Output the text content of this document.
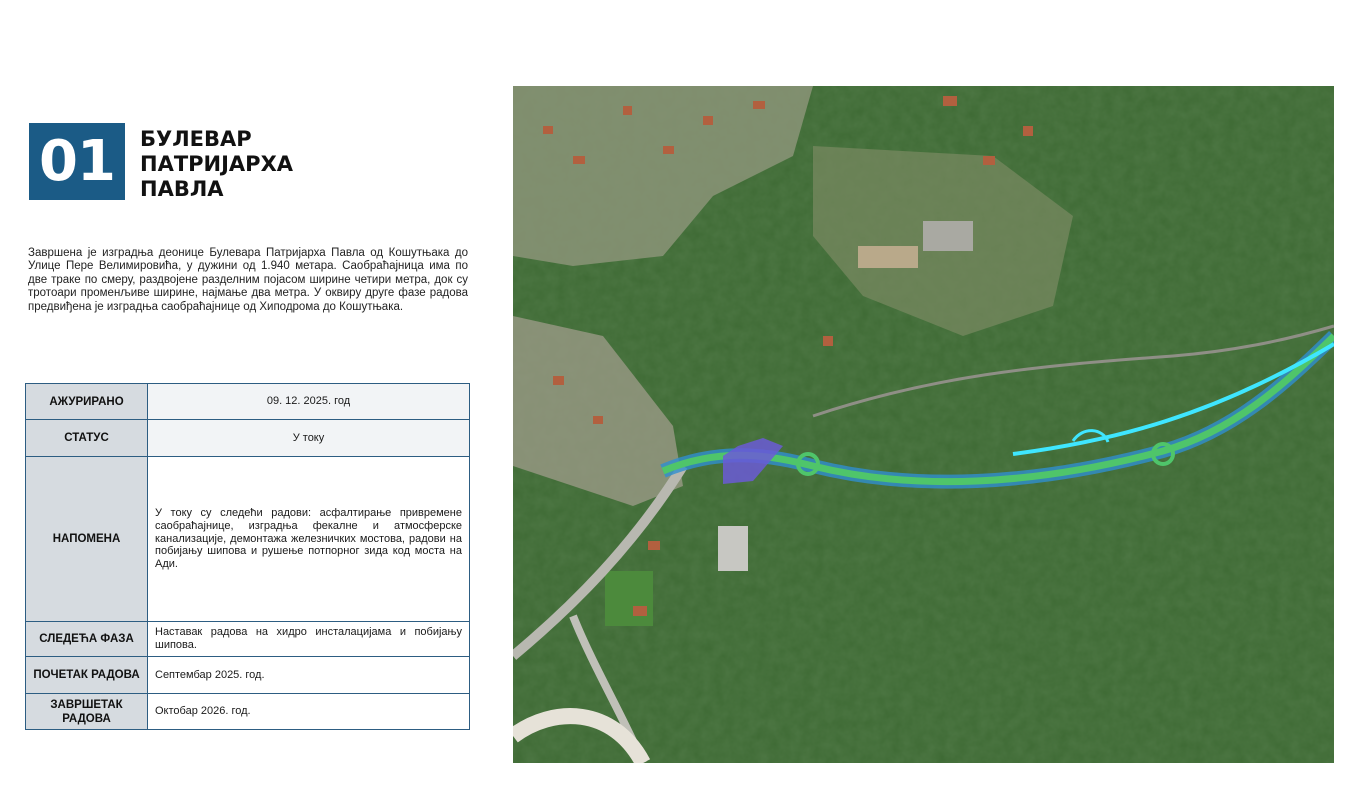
01 БУЛЕВАР
ПАТРИЈАРХА
ПАВЛА

Завршена је изградња деонице Булевара Патријарха Павла од Кошутњака до Улице Пере Велимировића, у дужини од 1.940 метара. Саобраћајница има по две траке по смеру, раздвојене разделним појасом ширине четири метра, док су тротоари променљиве ширине, најмање два метра. У оквиру друге фазе радова предвиђена је изградња саобраћајнице од Хиподрома до Кошутњака.

АЖУРИРАНО	09. 12. 2025. год
СТАТУС	У току
НАПОМЕНА	У току су следећи радови: асфалтирање привремене саобраћајнице, изградња фекалне и атмосферске канализације, демонтажа железничких мостова, радови на побијању шипова и рушење потпорног зида код моста на Ади.
СЛЕДЕЋА ФАЗА	Наставак радова на хидро инсталацијама и побијању шипова.
ПОЧЕТАК РАДОВА	Септембар 2025. год.
ЗАВРШЕТАК РАДОВА	Октобар 2026. год.
